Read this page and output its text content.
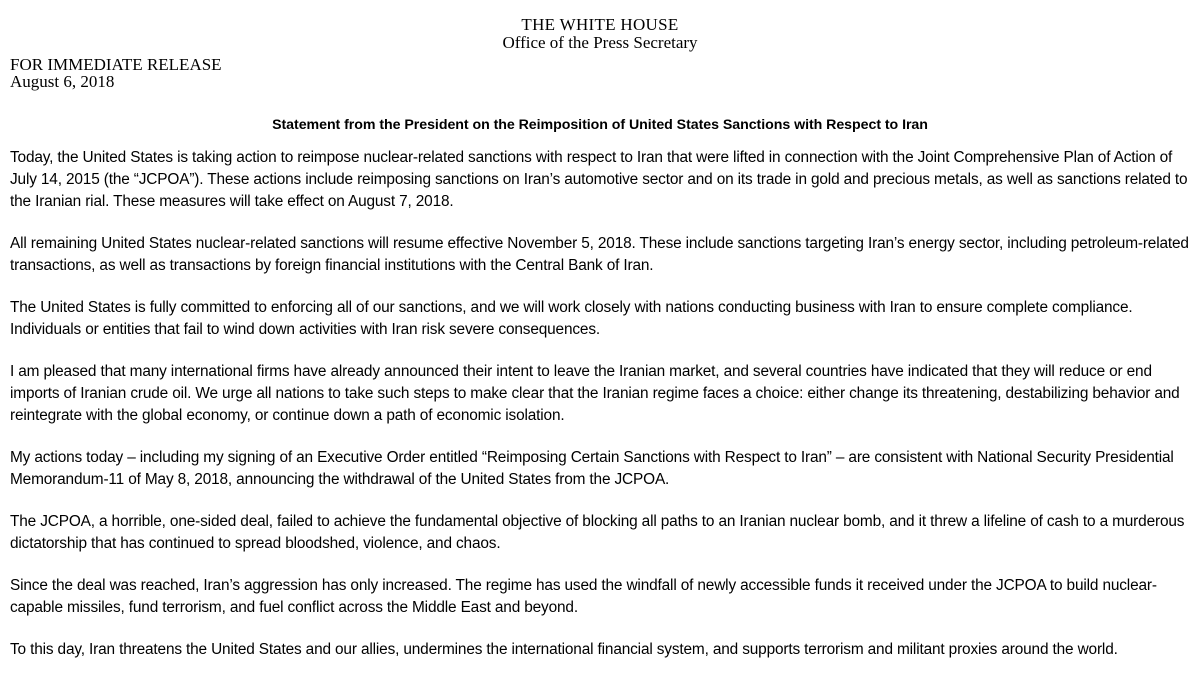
THE WHITE HOUSE
Office of the Press Secretary
FOR IMMEDIATE RELEASE
August 6, 2018
Statement from the President on the Reimposition of United States Sanctions with Respect to Iran

Today, the United States is taking action to reimpose nuclear-related sanctions with respect to Iran that were lifted in connection with the Joint Comprehensive Plan of Action of July 14, 2015 (the “JCPOA”). These actions include reimposing sanctions on Iran’s automotive sector and on its trade in gold and precious metals, as well as sanctions related to the Iranian rial. These measures will take effect on August 7, 2018.

All remaining United States nuclear-related sanctions will resume effective November 5, 2018. These include sanctions targeting Iran’s energy sector, including petroleum-related transactions, as well as transactions by foreign financial institutions with the Central Bank of Iran.

The United States is fully committed to enforcing all of our sanctions, and we will work closely with nations conducting business with Iran to ensure complete compliance. Individuals or entities that fail to wind down activities with Iran risk severe consequences.

I am pleased that many international firms have already announced their intent to leave the Iranian market, and several countries have indicated that they will reduce or end imports of Iranian crude oil. We urge all nations to take such steps to make clear that the Iranian regime faces a choice: either change its threatening, destabilizing behavior and reintegrate with the global economy, or continue down a path of economic isolation.

My actions today – including my signing of an Executive Order entitled “Reimposing Certain Sanctions with Respect to Iran” – are consistent with National Security Presidential Memorandum-11 of May 8, 2018, announcing the withdrawal of the United States from the JCPOA.

The JCPOA, a horrible, one-sided deal, failed to achieve the fundamental objective of blocking all paths to an Iranian nuclear bomb, and it threw a lifeline of cash to a murderous dictatorship that has continued to spread bloodshed, violence, and chaos.

Since the deal was reached, Iran’s aggression has only increased. The regime has used the windfall of newly accessible funds it received under the JCPOA to build nuclear-capable missiles, fund terrorism, and fuel conflict across the Middle East and beyond.

To this day, Iran threatens the United States and our allies, undermines the international financial system, and supports terrorism and militant proxies around the world.
